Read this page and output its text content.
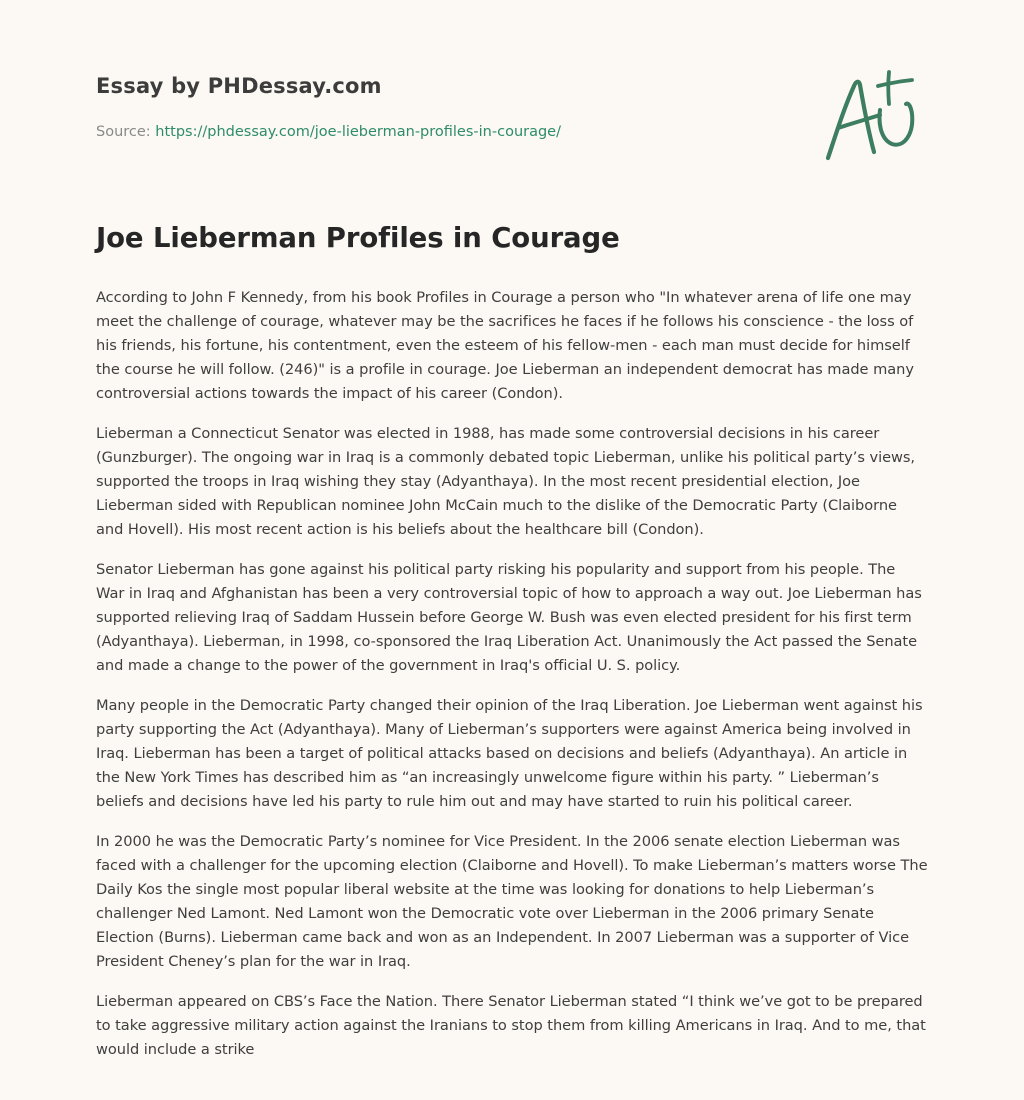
Essay by PHDessay.com
Source: https://phdessay.com/joe-lieberman-profiles-in-courage/
Joe Lieberman Profiles in Courage

According to John F Kennedy, from his book Profiles in Courage a person who "In whatever arena of life one may meet the challenge of courage, whatever may be the sacrifices he faces if he follows his conscience - the loss of his friends, his fortune, his contentment, even the esteem of his fellow-men - each man must decide for himself the course he will follow. (246)" is a profile in courage. Joe Lieberman an independent democrat has made many controversial actions towards the impact of his career (Condon).

Lieberman a Connecticut Senator was elected in 1988, has made some controversial decisions in his career (Gunzburger). The ongoing war in Iraq is a commonly debated topic Lieberman, unlike his political party’s views, supported the troops in Iraq wishing they stay (Adyanthaya). In the most recent presidential election, Joe Lieberman sided with Republican nominee John McCain much to the dislike of the Democratic Party (Claiborne and Hovell). His most recent action is his beliefs about the healthcare bill (Condon).

Senator Lieberman has gone against his political party risking his popularity and support from his people. The War in Iraq and Afghanistan has been a very controversial topic of how to approach a way out. Joe Lieberman has supported relieving Iraq of Saddam Hussein before George W. Bush was even elected president for his first term (Adyanthaya). Lieberman, in 1998, co-sponsored the Iraq Liberation Act. Unanimously the Act passed the Senate and made a change to the power of the government in Iraq's official U. S. policy.

Many people in the Democratic Party changed their opinion of the Iraq Liberation. Joe Lieberman went against his party supporting the Act (Adyanthaya). Many of Lieberman’s supporters were against America being involved in Iraq. Lieberman has been a target of political attacks based on decisions and beliefs (Adyanthaya). An article in the New York Times has described him as “an increasingly unwelcome figure within his party. ” Lieberman’s beliefs and decisions have led his party to rule him out and may have started to ruin his political career.

In 2000 he was the Democratic Party’s nominee for Vice President. In the 2006 senate election Lieberman was faced with a challenger for the upcoming election (Claiborne and Hovell). To make Lieberman’s matters worse The Daily Kos the single most popular liberal website at the time was looking for donations to help Lieberman’s challenger Ned Lamont. Ned Lamont won the Democratic vote over Lieberman in the 2006 primary Senate Election (Burns). Lieberman came back and won as an Independent. In 2007 Lieberman was a supporter of Vice President Cheney’s plan for the war in Iraq.

Lieberman appeared on CBS’s Face the Nation. There Senator Lieberman stated “I think we’ve got to be prepared to take aggressive military action against the Iranians to stop them from killing Americans in Iraq. And to me, that would include a strike
